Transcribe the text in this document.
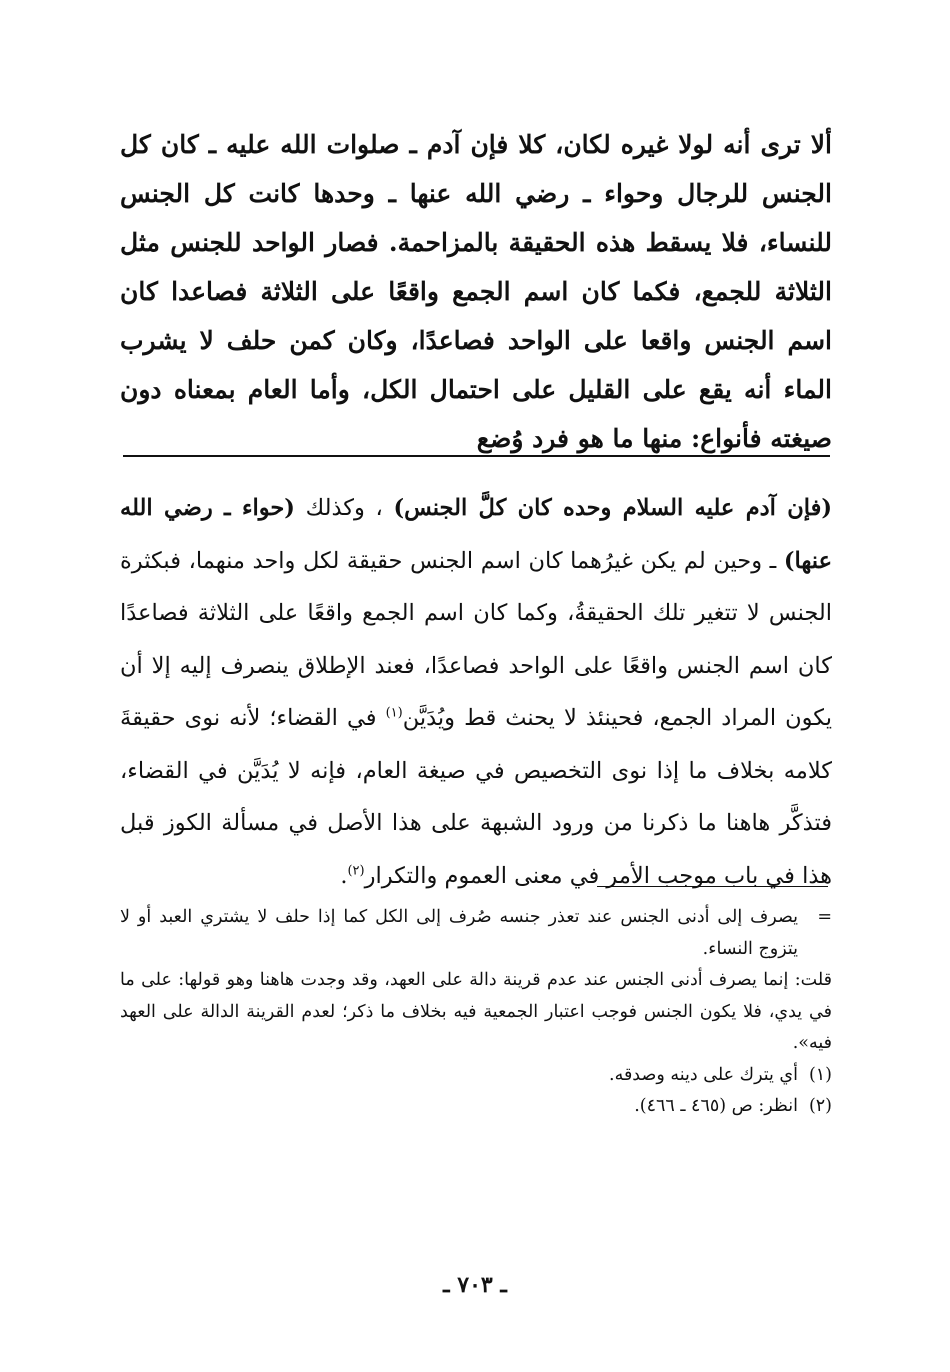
ألا ترى أنه لولا غيره لكان، كلا فإن آدم ـ صلوات الله عليه ـ كان كل الجنس للرجال وحواء ـ رضي الله عنها ـ وحدها كانت كل الجنس للنساء، فلا يسقط هذه الحقيقة بالمزاحمة. فصار الواحد للجنس مثل الثلاثة للجمع، فكما كان اسم الجمع واقعًا على الثلاثة فصاعدا كان اسم الجنس واقعا على الواحد فصاعدًا، وكان كمن حلف لا يشرب الماء أنه يقع على القليل على احتمال الكل، وأما العام بمعناه دون صيغته فأنواع: منها ما هو فرد وُضع

(فإن آدم عليه السلام وحده كان كلَّ الجنس) ، وكذلك (حواء ـ رضي الله عنها) ـ وحين لم يكن غيرُهما كان اسم الجنس حقيقة لكل واحد منهما، فبكثرة الجنس لا تتغير تلك الحقيقةُ، وكما كان اسم الجمع واقعًا على الثلاثة فصاعدًا كان اسم الجنس واقعًا على الواحد فصاعدًا، فعند الإطلاق ينصرف إليه إلا أن يكون المراد الجمع، فحينئذ لا يحنث قط ويُدَيَّن$^{(١)}$ في القضاء؛ لأنه نوى حقيقةَ كلامه بخلاف ما إذا نوى التخصيص في صيغة العام، فإنه لا يُدَيَّن في القضاء، فتذكَّر هاهنا ما ذكرنا من ورود الشبهة على هذا الأصل في مسألة الكوز قبل هذا في باب موجب الأمر في معنى العموم والتكرار$^{(٢)}$.

=
يصرف إلى أدنى الجنس عند تعذر جنسه صُرف إلى الكل كما إذا حلف لا يشتري العبد أو لا يتزوج النساء.

قلت: إنما يصرف أدنى الجنس عند عدم قرينة دالة على العهد، وقد وجدت هاهنا وهو قولها: على ما في يدي، فلا يكون الجنس فوجب اعتبار الجمعية فيه بخلاف ما ذكر؛ لعدم القرينة الدالة على العهد فيه».

(١)
أي يترك على دينه وصدقه.

(٢)
انظر: ص (٤٦٥ ـ ٤٦٦).

ـ ٧٠٣ ـ
